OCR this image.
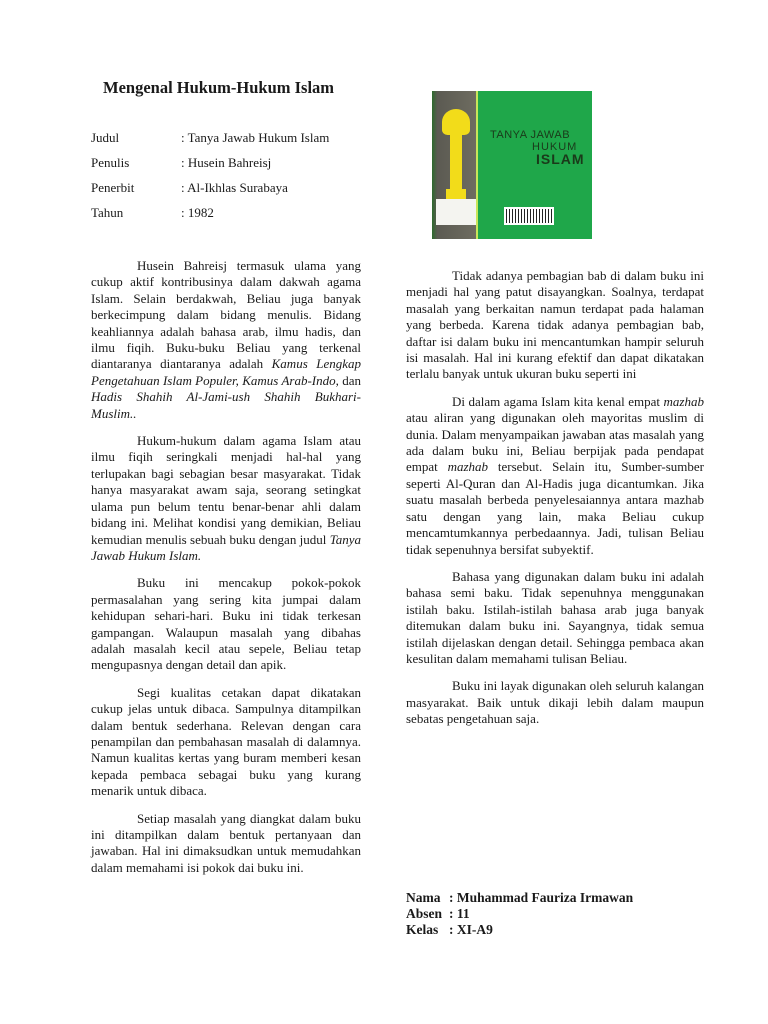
Mengenal Hukum-Hukum Islam
Judul	: Tanya Jawab Hukum Islam
Penulis	: Husein Bahreisj
Penerbit	: Al-Ikhlas Surabaya
Tahun	: 1982
TANYA JAWAB
HUKUM
ISLAM

Husein Bahreisj termasuk ulama yang cukup aktif kontribusinya dalam dakwah agama Islam. Selain berdakwah, Beliau juga banyak berkecimpung dalam bidang menulis. Bidang keahliannya adalah bahasa arab, ilmu hadis, dan ilmu fiqih. Buku-buku Beliau yang terkenal diantaranya diantaranya adalah Kamus Lengkap Pengetahuan Islam Populer, Kamus Arab-Indo, dan Hadis Shahih Al-Jami-ush Shahih Bukhari-Muslim..

Hukum-hukum dalam agama Islam atau ilmu fiqih seringkali menjadi hal-hal yang terlupakan bagi sebagian besar masyarakat. Tidak hanya masyarakat awam saja, seorang setingkat ulama pun belum tentu benar-benar ahli dalam bidang ini. Melihat kondisi yang demikian, Beliau kemudian menulis sebuah buku dengan judul Tanya Jawab Hukum Islam.

Buku ini mencakup pokok-pokok permasalahan yang sering kita jumpai dalam kehidupan sehari-hari. Buku ini tidak terkesan gampangan. Walaupun masalah yang dibahas adalah masalah kecil atau sepele, Beliau tetap mengupasnya dengan detail dan apik.

Segi kualitas cetakan dapat dikatakan cukup jelas untuk dibaca. Sampulnya ditampilkan dalam bentuk sederhana. Relevan dengan cara penampilan dan pembahasan masalah di dalamnya. Namun kualitas kertas yang buram memberi kesan kepada pembaca sebagai buku yang kurang menarik untuk dibaca.

Setiap masalah yang diangkat dalam buku ini ditampilkan dalam bentuk pertanyaan dan jawaban. Hal ini dimaksudkan untuk memudahkan dalam memahami isi pokok dai buku ini.

Tidak adanya pembagian bab di dalam buku ini menjadi hal yang patut disayangkan. Soalnya, terdapat masalah yang berkaitan namun terdapat pada halaman yang berbeda. Karena tidak adanya pembagian bab, daftar isi dalam buku ini mencantumkan hampir seluruh isi masalah. Hal ini kurang efektif dan dapat dikatakan terlalu banyak untuk ukuran buku seperti ini

Di dalam agama Islam kita kenal empat mazhab atau aliran yang digunakan oleh mayoritas muslim di dunia. Dalam menyampaikan jawaban atas masalah yang ada dalam buku ini, Beliau berpijak pada pendapat empat mazhab tersebut. Selain itu, Sumber-sumber seperti Al-Quran dan Al-Hadis juga dicantumkan. Jika suatu masalah berbeda penyelesaiannya antara mazhab satu dengan yang lain, maka Beliau cukup mencamtumkannya perbedaannya. Jadi, tulisan Beliau tidak sepenuhnya bersifat subyektif.

Bahasa yang digunakan dalam buku ini adalah bahasa semi baku. Tidak sepenuhnya menggunakan istilah baku. Istilah-istilah bahasa arab juga banyak ditemukan dalam buku ini. Sayangnya, tidak semua istilah dijelaskan dengan detail. Sehingga pembaca akan kesulitan dalam memahami tulisan Beliau.

Buku ini layak digunakan oleh seluruh kalangan masyarakat. Baik untuk dikaji lebih dalam maupun sebatas pengetahuan saja.

Nama : Muhammad Fauriza Irmawan
Absen : 11
Kelas : XI-A9
